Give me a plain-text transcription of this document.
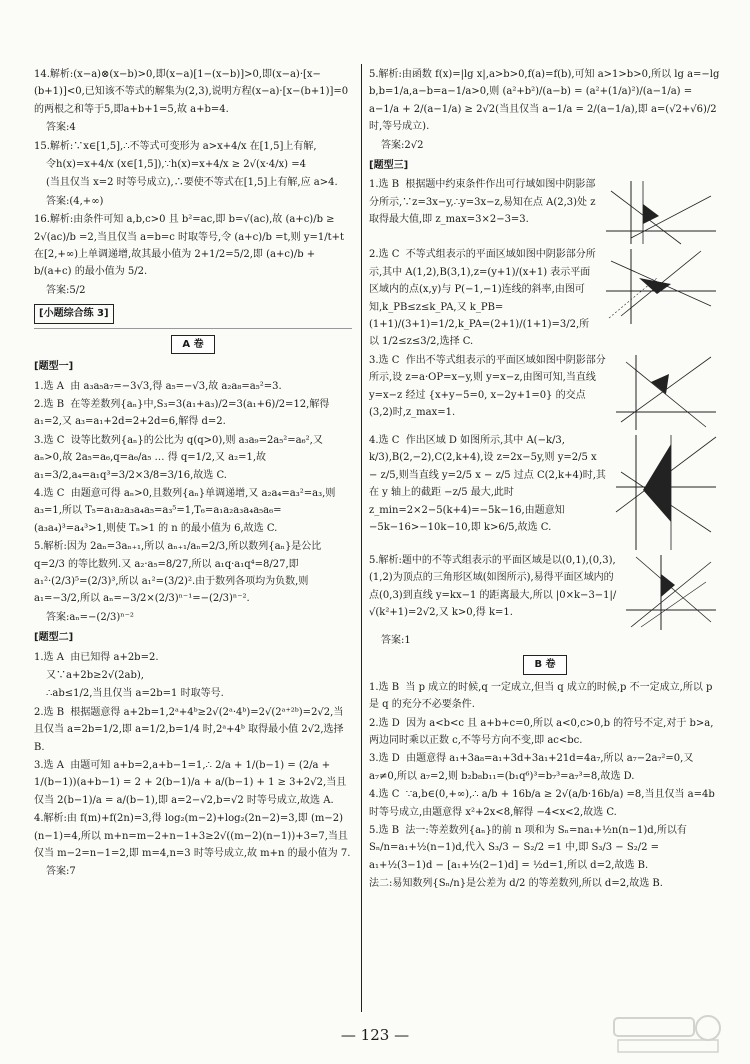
14.解析:(x−a)⊗(x−b)>0,即(x−a)[1−(x−b)]>0,即(x−a)·[x−(b+1)]<0,已知该不等式的解集为(2,3),说明方程(x−a)·[x−(b+1)]=0的两根之和等于5,即a+b+1=5,故 a+b=4.

答案:4

15.解析:∵x∈[1,5],∴不等式可变形为 a>x+4/x 在[1,5]上有解,

令h(x)=x+4/x (x∈[1,5]),∵h(x)=x+4/x ≥ 2√(x·4/x) =4

(当且仅当 x=2 时等号成立),∴要使不等式在[1,5]上有解,应 a>4.

答案:(4,+∞)

16.解析:由条件可知 a,b,c>0 且 b²=ac,即 b=√(ac),故 (a+c)/b ≥ 2√(ac)/b =2,当且仅当 a=b=c 时取等号,令 (a+c)/b =t,则 y=1/t+t 在[2,+∞)上单调递增,故其最小值为 2+1/2=5/2,即 (a+c)/b + b/(a+c) 的最小值为 5/2.

答案:5/2

[小题综合练 3]
A 卷
[题型一]

1.选 A  由 a₃a₅a₇=−3√3,得 a₅=−√3,故 a₂a₈=a₅²=3.

2.选 B  在等差数列{aₙ}中,S₃=3(a₁+a₃)/2=3(a₁+6)/2=12,解得 a₁=2,又 a₃=a₁+2d=2+2d=6,解得 d=2.

3.选 C  设等比数列{aₙ}的公比为 q(q>0),则 a₃a₉=2a₅²=a₆²,又 aₙ>0,故 2a₅=a₆,q=a₆/a₅ … 得 q=1/2,又 a₂=1,故 a₁=3/2,a₄=a₁q³=3/2×3/8=3/16,故选 C.

4.选 C  由题意可得 aₙ>0,且数列{aₙ}单调递增,又 a₂a₄=a₃²=a₃,则 a₃=1,所以 T₅=a₁a₂a₃a₄a₅=a₃⁵=1,T₆=a₁a₂a₃a₄a₅a₆=(a₃a₄)³=a₄³>1,则使 Tₙ>1 的 n 的最小值为 6,故选 C.

5.解析:因为 2aₙ=3aₙ₊₁,所以 aₙ₊₁/aₙ=2/3,所以数列{aₙ}是公比 q=2/3 的等比数列.又 a₂·a₅=8/27,所以 a₁q·a₁q⁴=8/27,即 a₁²·(2/3)⁵=(2/3)³,所以 a₁²=(3/2)².由于数列各项均为负数,则 a₁=−3/2,所以 aₙ=−3/2×(2/3)ⁿ⁻¹=−(2/3)ⁿ⁻².

答案:aₙ=−(2/3)ⁿ⁻²

[题型二]

1.选 A  由已知得 a+2b=2.

又∵a+2b≥2√(2ab),

∴ab≤1/2,当且仅当 a=2b=1 时取等号.

2.选 B  根据题意得 a+2b=1,2ᵃ+4ᵇ≥2√(2ᵃ·4ᵇ)=2√(2ᵃ⁺²ᵇ)=2√2,当且仅当 a=2b=1/2,即 a=1/2,b=1/4 时,2ᵃ+4ᵇ 取得最小值 2√2,选择 B.

3.选 A  由题可知 a+b=2,a+b−1=1,∴ 2/a + 1/(b−1) = (2/a + 1/(b−1))(a+b−1) = 2 + 2(b−1)/a + a/(b−1) + 1 ≥ 3+2√2,当且仅当 2(b−1)/a = a/(b−1),即 a=2−√2,b=√2 时等号成立,故选 A.

4.解析:由 f(m)+f(2n)=3,得 log₂(m−2)+log₂(2n−2)=3,即 (m−2)(n−1)=4,所以 m+n=m−2+n−1+3≥2√((m−2)(n−1))+3=7,当且仅当 m−2=n−1=2,即 m=4,n=3 时等号成立,故 m+n 的最小值为 7.

答案:7

5.解析:由函数 f(x)=|lg x|,a>b>0,f(a)=f(b),可知 a>1>b>0,所以 lg a=−lg b,b=1/a,a−b=a−1/a>0,则 (a²+b²)/(a−b) = (a²+(1/a)²)/(a−1/a) = a−1/a + 2/(a−1/a) ≥ 2√2(当且仅当 a−1/a = 2/(a−1/a),即 a=(√2+√6)/2 时,等号成立).

答案:2√2

[题型三]

1.选 B  根据题中约束条件作出可行域如图中阴影部分所示,∵z=3x−y,∴y=3x−z,易知在点 A(2,3)处 z 取得最大值,即 z_max=3×2−3=3.

2.选 C  不等式组表示的平面区域如图中阴影部分所示,其中 A(1,2),B(3,1),z=(y+1)/(x+1) 表示平面区域内的点(x,y)与 P(−1,−1)连线的斜率,由图可知,k_PB≤z≤k_PA,又 k_PB=(1+1)/(3+1)=1/2,k_PA=(2+1)/(1+1)=3/2,所以 1/2≤z≤3/2,选择 C.

3.选 C  作出不等式组表示的平面区域如图中阴影部分所示,设 z=a·OP=x−y,则 y=x−z,由图可知,当直线 y=x−z 经过 {x+y−5=0, x−2y+1=0} 的交点(3,2)时,z_max=1.

4.选 C  作出区域 D 如图所示,其中 A(−k/3, k/3),B(2,−2),C(2,k+4),设 z=2x−5y,则 y=2/5 x − z/5,则当直线 y=2/5 x − z/5 过点 C(2,k+4)时,其在 y 轴上的截距 −z/5 最大,此时 z_min=2×2−5(k+4)=−5k−16,由题意知 −5k−16>−10k−10,即 k>6/5,故选 C.

5.解析:题中的不等式组表示的平面区域是以(0,1),(0,3),(1,2)为顶点的三角形区域(如图所示),易得平面区域内的点(0,3)到直线 y=kx−1 的距离最大,所以 |0×k−3−1|/√(k²+1)=2√2,又 k>0,得 k=1.

答案:1

B 卷

1.选 B  当 p 成立的时候,q 一定成立,但当 q 成立的时候,p 不一定成立,所以 p 是 q 的充分不必要条件.

2.选 D  因为 a<b<c 且 a+b+c=0,所以 a<0,c>0,b 的符号不定,对于 b>a,两边同时乘以正数 c,不等号方向不变,即 ac<bc.

3.选 D  由题意得 a₁+3a₈=a₁+3d+3a₁+21d=4a₇,所以 a₇−2a₇²=0,又 a₇≠0,所以 a₇=2,则 b₂b₈b₁₁=(b₁q⁶)³=b₇³=a₇³=8,故选 D.

4.选 C  ∵a,b∈(0,+∞),∴ a/b + 16b/a ≥ 2√(a/b·16b/a) =8,当且仅当 a=4b 时等号成立,由题意得 x²+2x<8,解得 −4<x<2,故选 C.

5.选 B  法一:等差数列{aₙ}的前 n 项和为 Sₙ=na₁+½n(n−1)d,所以有 Sₙ/n=a₁+½(n−1)d,代入 S₃/3 − S₂/2 =1 中,即 S₃/3 − S₂/2 = a₁+½(3−1)d − [a₁+½(2−1)d] = ½d=1,所以 d=2,故选 B.

法二:易知数列{Sₙ/n}是公差为 d/2 的等差数列,所以 d=2,故选 B.

— 123 —
